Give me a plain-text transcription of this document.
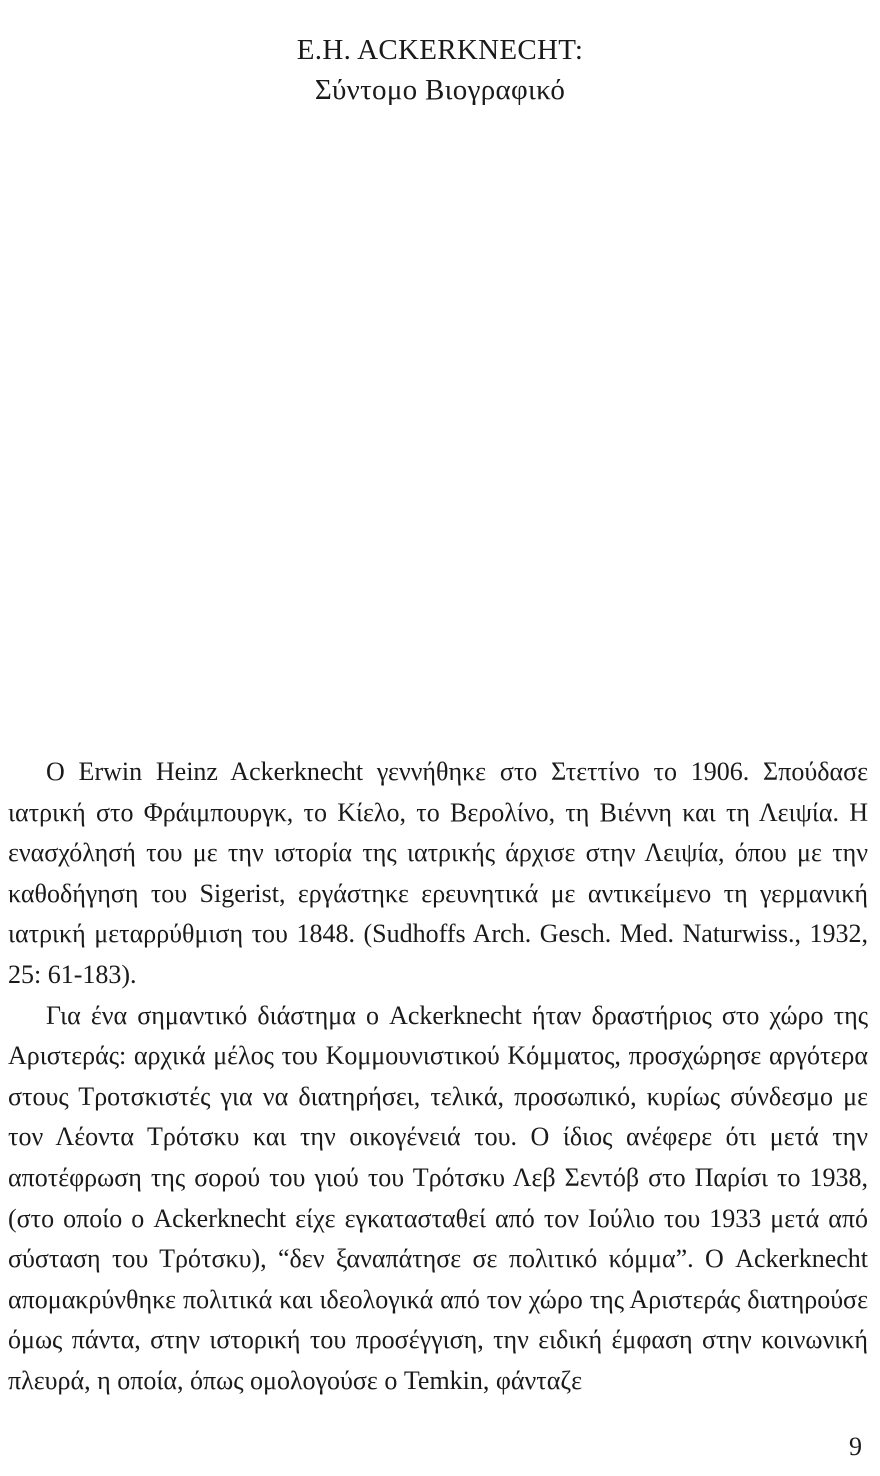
E.H. ACKERKNECHT:
Σύντομο Βιογραφικό

Ο Erwin Heinz Ackerknecht γεννήθηκε στο Στεττίνο το 1906. Σπούδασε ιατρική στο Φράιμπουργκ, το Κίελο, το Βερολίνο, τη Βιέννη και τη Λειψία. Η ενασχόλησή του με την ιστορία της ιατρικής άρχισε στην Λειψία, όπου με την καθοδήγηση του Sigerist, εργάστηκε ερευνητικά με αντικείμενο τη γερμανική ιατρική μεταρρύθμιση του 1848. (Sudhoffs Arch. Gesch. Med. Naturwiss., 1932, 25: 61-183).

Για ένα σημαντικό διάστημα ο Ackerknecht ήταν δραστήριος στο χώρο της Αριστεράς: αρχικά μέλος του Κομμουνιστικού Κόμματος, προσχώρησε αργότερα στους Τροτσκιστές για να διατηρήσει, τελικά, προσωπικό, κυρίως σύνδεσμο με τον Λέοντα Τρότσκυ και την οικογένειά του. Ο ίδιος ανέφερε ότι μετά την αποτέφρωση της σορού του γιού του Τρότσκυ Λεβ Σεντόβ στο Παρίσι το 1938, (στο οποίο ο Ackerknecht είχε εγκατασταθεί από τον Ιούλιο του 1933 μετά από σύσταση του Τρότσκυ), “δεν ξαναπάτησε σε πολιτικό κόμμα”. Ο Ackerknecht απομακρύνθηκε πολιτικά και ιδεολογικά από τον χώρο της Αριστεράς διατηρούσε όμως πάντα, στην ιστορική του προσέγγιση, την ειδική έμφαση στην κοινωνική πλευρά, η οποία, όπως ομολογούσε ο Temkin, φάνταζε

9
